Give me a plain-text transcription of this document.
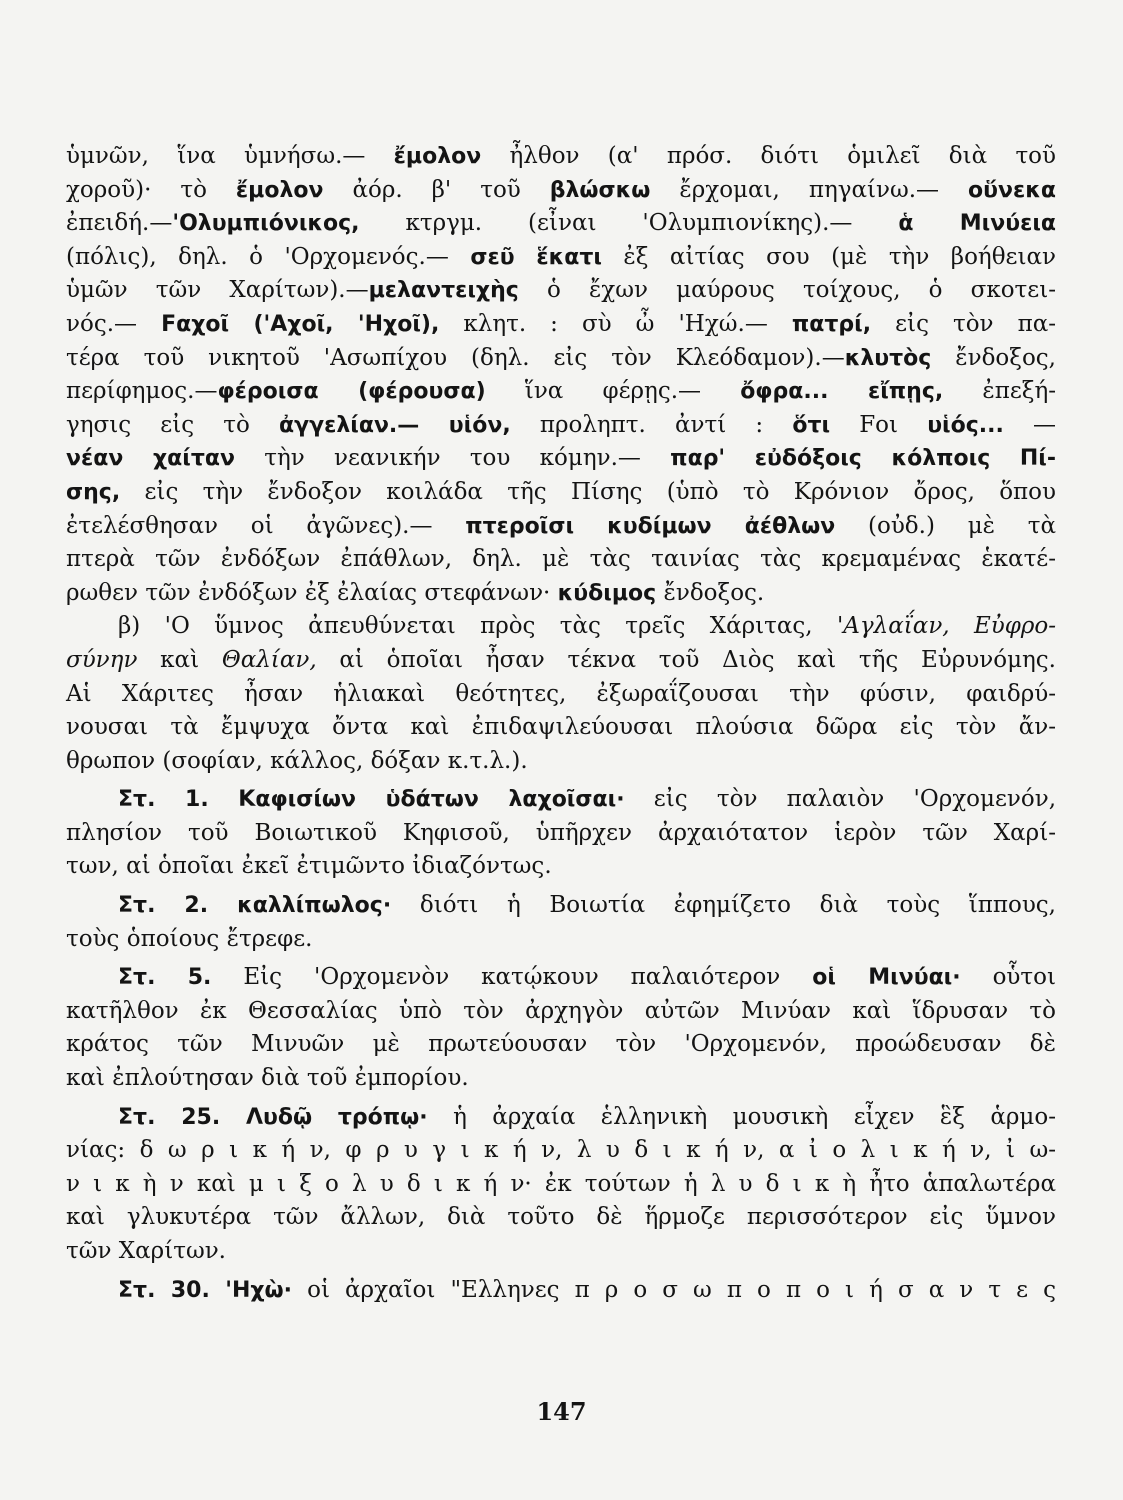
ὑμνῶν, ἵνα ὑμνήσω.— ἔμολον ἦλθον (α' πρόσ. διότι ὁμιλεῖ διὰ τοῦ
χοροῦ)· τὸ ἔμολον ἀόρ. β' τοῦ βλώσκω ἔρχομαι, πηγαίνω.— οὕνεκα
ἐπειδή.—'Ολυμπιόνικος, κτργμ. (εἶναι 'Ολυμπιονίκης).— ἁ Μινύεια
(πόλις), δηλ. ὁ 'Ορχομενός.— σεῦ ἕκατι ἐξ αἰτίας σου (μὲ τὴν βοήθειαν
ὑμῶν τῶν Χαρίτων).—μελαντειχὴς ὁ ἔχων μαύρους τοίχους, ὁ σκοτει-
νός.— Fαχοῖ ('Αχοῖ, 'Ηχοῖ), κλητ. : σὺ ὦ 'Ηχώ.— πατρί, εἰς τὸν πα-
τέρα τοῦ νικητοῦ 'Ασωπίχου (δηλ. εἰς τὸν Κλεόδαμον).—κλυτὸς ἔνδοξος,
περίφημος.—φέροισα (φέρουσα) ἵνα φέρῃς.— ὄφρα... εἴπῃς, ἐπεξή-
γησις εἰς τὸ ἀγγελίαν.— υἱόν, προληπτ. ἀντί : ὅτι Fοι υἱός... —
νέαν χαίταν τὴν νεανικήν του κόμην.— παρ' εὐδόξοις κόλποις Πί-
σης, εἰς τὴν ἔνδοξον κοιλάδα τῆς Πίσης (ὑπὸ τὸ Κρόνιον ὄρος, ὅπου
ἐτελέσθησαν οἱ ἀγῶνες).— πτεροῖσι κυδίμων ἀέθλων (οὐδ.) μὲ τὰ
πτερὰ τῶν ἐνδόξων ἐπάθλων, δηλ. μὲ τὰς ταινίας τὰς κρεμαμένας ἑκατέ-
ρωθεν τῶν ἐνδόξων ἐξ ἐλαίας στεφάνων· κύδιμος ἔνδοξος.
β) 'Ο ὕμνος ἀπευθύνεται πρὸς τὰς τρεῖς Χάριτας, 'Αγλαΐαν, Εὐφρο-
σύνην καὶ Θαλίαν, αἱ ὁποῖαι ἦσαν τέκνα τοῦ Διὸς καὶ τῆς Εὐρυνόμης.
Αἱ Χάριτες ἦσαν ἡλιακαὶ θεότητες, ἐξωραΐζουσαι τὴν φύσιν, φαιδρύ-
νουσαι τὰ ἔμψυχα ὄντα καὶ ἐπιδαψιλεύουσαι πλούσια δῶρα εἰς τὸν ἄν-
θρωπον (σοφίαν, κάλλος, δόξαν κ.τ.λ.).
Στ. 1. Καφισίων ὑδάτων λαχοῖσαι· εἰς τὸν παλαιὸν 'Ορχομενόν,
πλησίον τοῦ Βοιωτικοῦ Κηφισοῦ, ὑπῆρχεν ἀρχαιότατον ἱερὸν τῶν Χαρί-
των, αἱ ὁποῖαι ἐκεῖ ἐτιμῶντο ἰδιαζόντως.
Στ. 2. καλλίπωλος· διότι ἡ Βοιωτία ἐφημίζετο διὰ τοὺς ἵππους,
τοὺς ὁποίους ἔτρεφε.
Στ. 5. Εἰς 'Ορχομενὸν κατῴκουν παλαιότερον οἱ Μινύαι· οὗτοι
κατῆλθον ἐκ Θεσσαλίας ὑπὸ τὸν ἀρχηγὸν αὐτῶν Μινύαν καὶ ἵδρυσαν τὸ
κράτος τῶν Μινυῶν μὲ πρωτεύουσαν τὸν 'Ορχομενόν, προώδευσαν δὲ
καὶ ἐπλούτησαν διὰ τοῦ ἐμπορίου.
Στ. 25. Λυδῷ τρόπῳ· ἡ ἀρχαία ἑλληνικὴ μουσικὴ εἶχεν ἓξ ἁρμο-
νίας: δ ω ρ ι κ ή ν, φ ρ υ γ ι κ ή ν, λ υ δ ι κ ή ν, α ἰ ο λ ι κ ή ν, ἰ ω-
ν ι κ ὴ ν καὶ μ ι ξ ο λ υ δ ι κ ή ν· ἐκ τούτων ἡ λ υ δ ι κ ὴ ἦτο ἁπαλωτέρα
καὶ γλυκυτέρα τῶν ἄλλων, διὰ τοῦτο δὲ ἥρμοζε περισσότερον εἰς ὕμνον
τῶν Χαρίτων.
Στ. 30. 'Ηχὼ· οἱ ἀρχαῖοι "Ελληνες π ρ ο σ ω π ο π ο ι ή σ α ν τ ε ς
147
